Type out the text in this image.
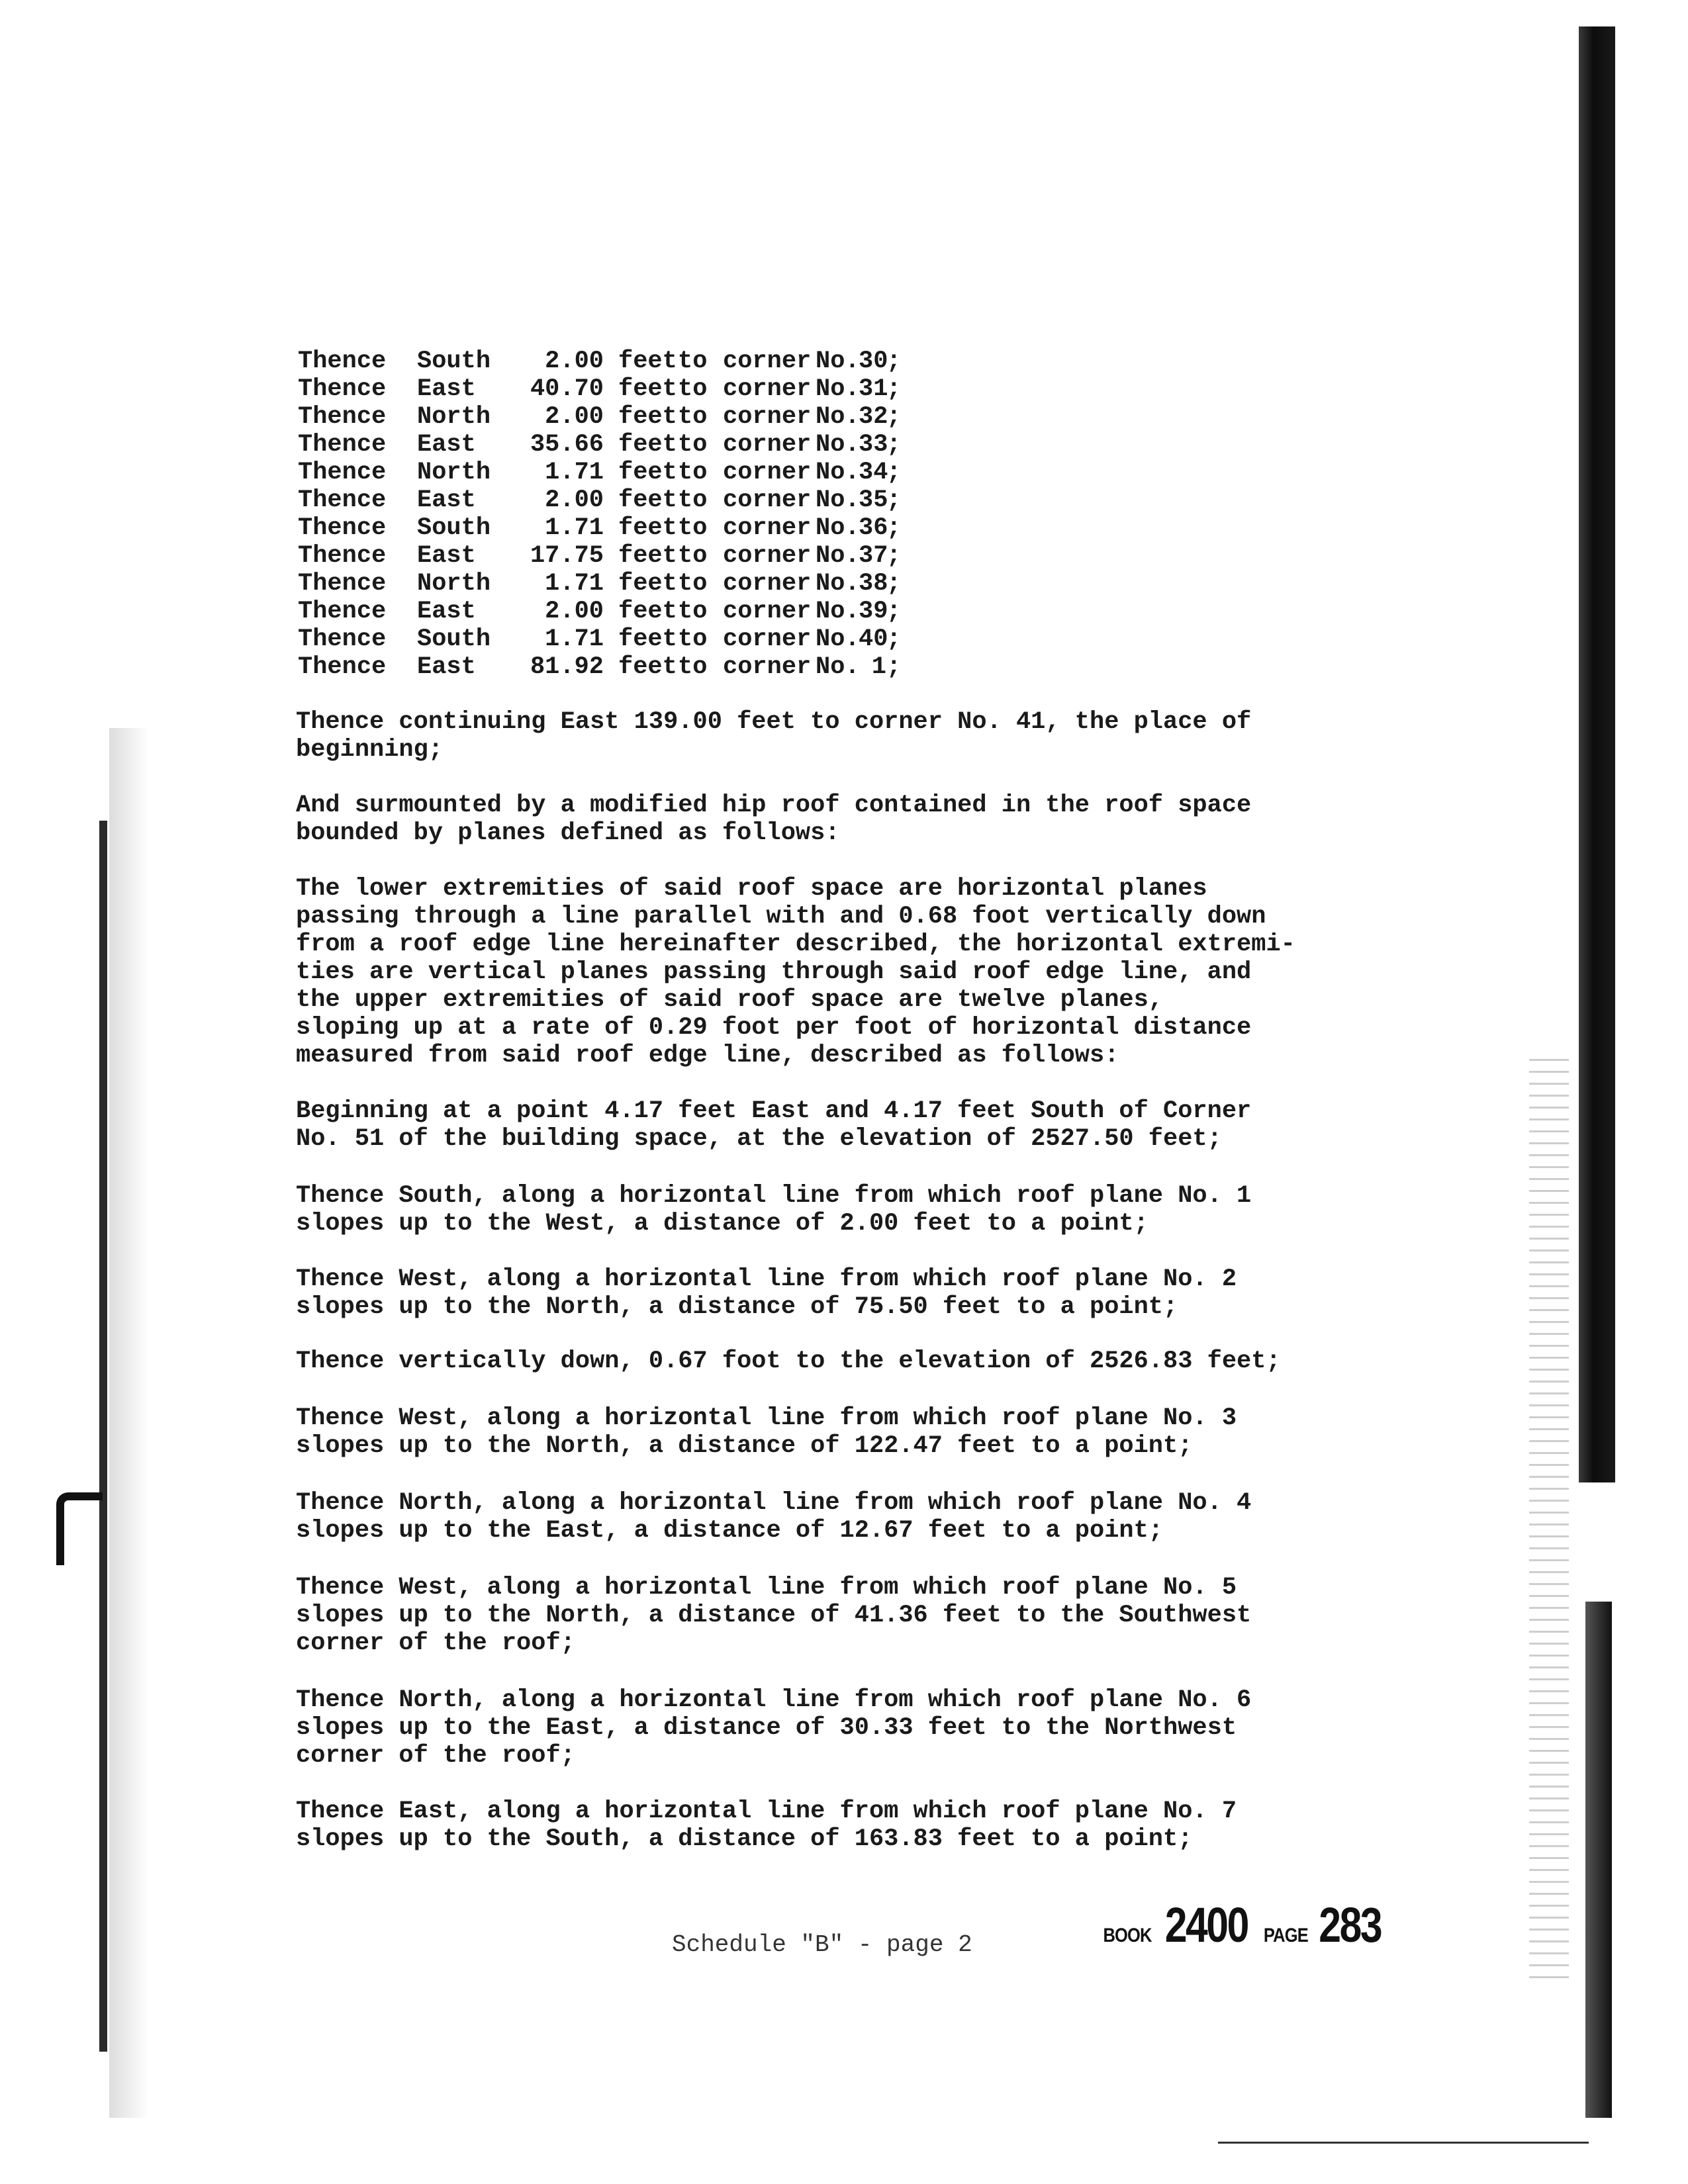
Thence South 2.00 feetto corner No.30;
Thence East 40.70 feetto corner No.31;
Thence North 2.00 feetto corner No.32;
Thence East 35.66 feetto corner No.33;
Thence North 1.71 feetto corner No.34;
Thence East	2.00 feetto corner No.35;
Thence South 1.71 feetto corner No.36;
Thence East 17.75 feetto corner No.37;
Thence North 1.71 feetto corner No.38;
Thence East	2.00 feetto corner No.39;
Thence South 1.71 feetto corner No.40;
Thence East 81.92 feetto corner No. 1;
Thence continuing East 139.00 feet to corner No. 41, the place of
beginning;
And surmounted by a modified hip roof contained in the roof space
bounded by planes defined as follows:
The lower extremities of said roof space are horizontal planes
passing through a line parallel with and 0.68 foot vertically down
from a roof edge line hereinafter described, the horizontal extremi-
ties are vertical planes passing through said roof edge line, and
the upper extremities of said roof space are twelve planes,
sloping up at a rate of 0.29 foot per foot of horizontal distance
measured from said roof edge line, described as follows:
Beginning at a point 4.17 feet East and 4.17 feet South of Corner
No. 51 of the building space, at the elevation of 2527.50 feet;
Thence South, along a horizontal line from which roof plane No. 1
slopes up to the West, a distance of 2.00 feet to a point;
Thence West, along a horizontal line from which roof plane No. 2
slopes up to the North, a distance of 75.50 feet to a point;
Thence vertically down, 0.67 foot to the elevation of 2526.83 feet;
Thence West, along a horizontal line from which roof plane No. 3
slopes up to the North, a distance of 122.47 feet to a point;
Thence North, along a horizontal line from which roof plane No. 4
slopes up to the East, a distance of 12.67 feet to a point;
Thence West, along a horizontal line from which roof plane No. 5
slopes up to the North, a distance of 41.36 feet to the Southwest
corner of the roof;
Thence North, along a horizontal line from which roof plane No. 6
slopes up to the East, a distance of 30.33 feet to the Northwest
corner of the roof;
Thence East, along a horizontal line from which roof plane No. 7
slopes up to the South, a distance of 163.83 feet to a point;
Schedule "B" - page 2	BOOK 2400 PAGE 283
